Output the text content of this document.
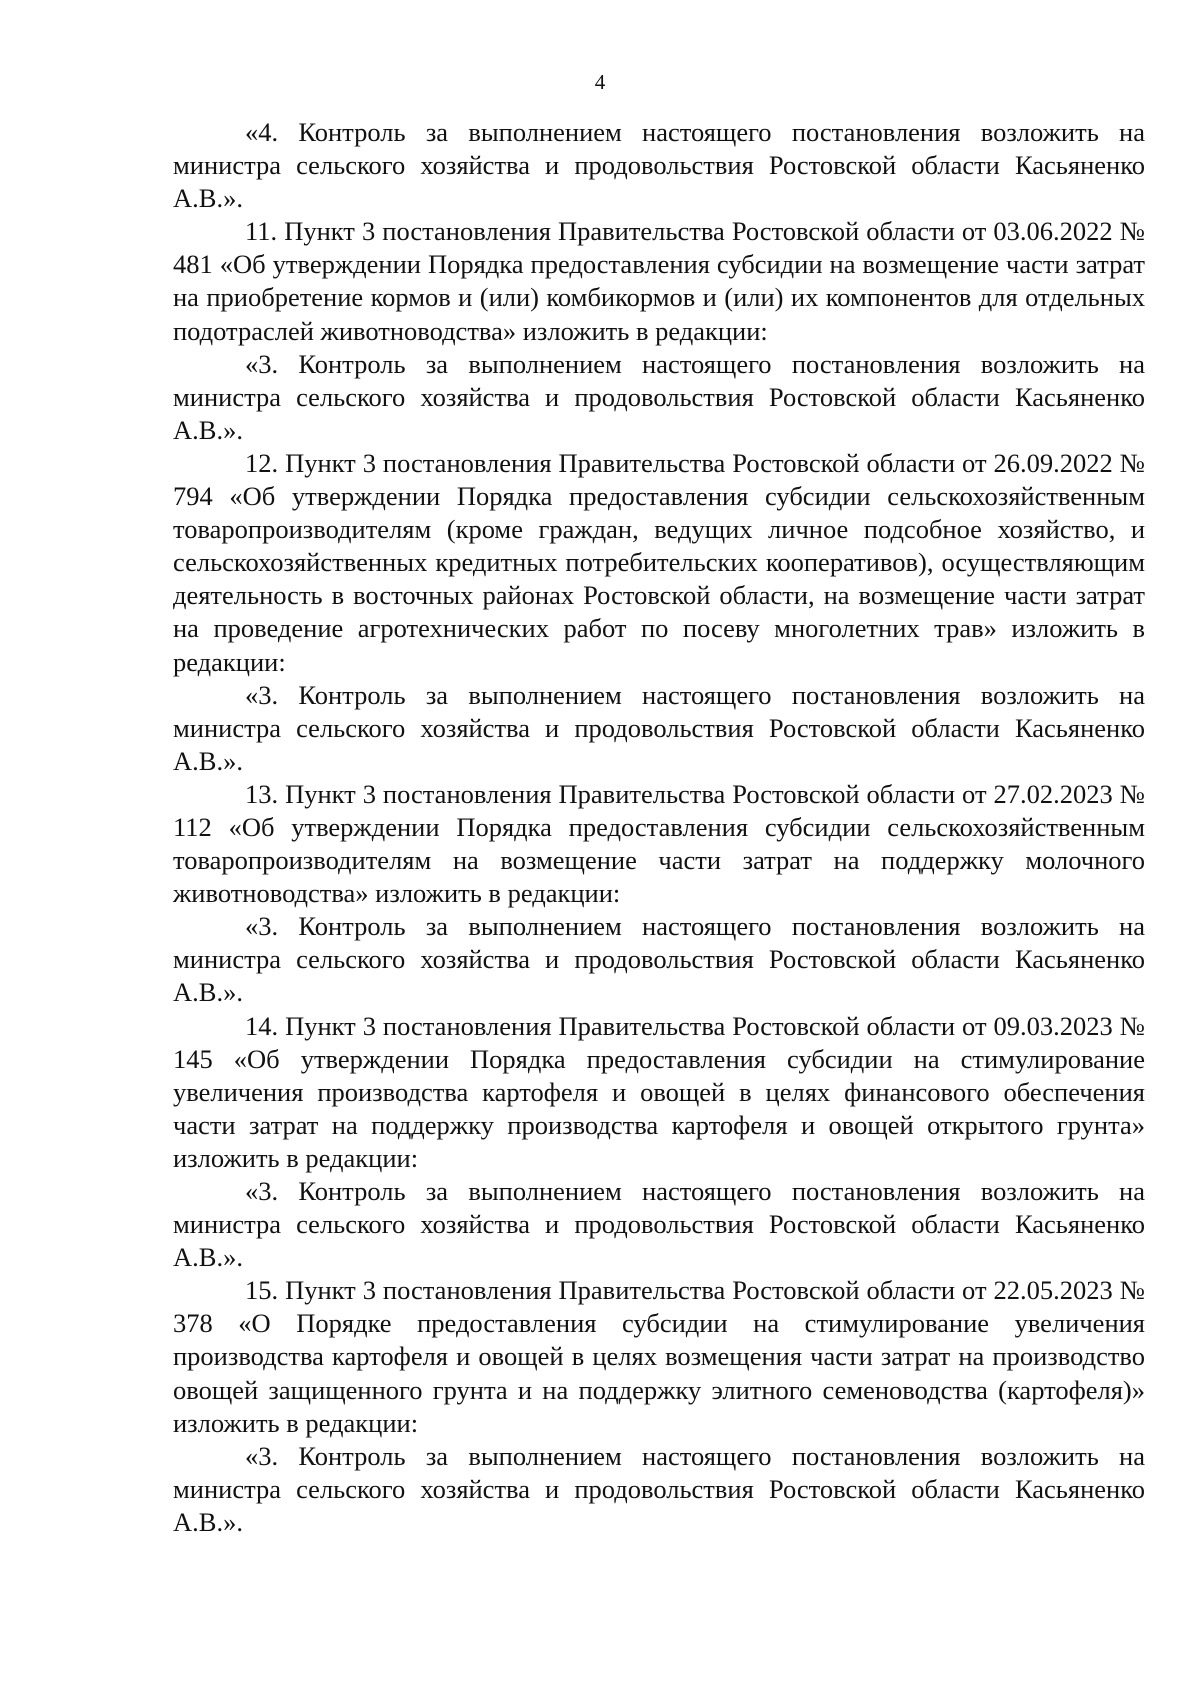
4

«4. Контроль за выполнением настоящего постановления возложить на министра сельского хозяйства и продовольствия Ростовской области Касьяненко А.В.».

11. Пункт 3 постановления Правительства Ростовской области от 03.06.2022 № 481 «Об утверждении Порядка предоставления субсидии на возмещение части затрат на приобретение кормов и (или) комбикормов и (или) их компонентов для отдельных подотраслей животноводства» изложить в редакции:

«3. Контроль за выполнением настоящего постановления возложить на министра сельского хозяйства и продовольствия Ростовской области Касьяненко А.В.».

12. Пункт 3 постановления Правительства Ростовской области от 26.09.2022 № 794 «Об утверждении Порядка предоставления субсидии сельскохозяйственным товаропроизводителям (кроме граждан, ведущих личное подсобное хозяйство, и сельскохозяйственных кредитных потребительских кооперативов), осуществляющим деятельность в восточных районах Ростовской области, на возмещение части затрат на проведение агротехнических работ по посеву многолетних трав» изложить в редакции:

«3. Контроль за выполнением настоящего постановления возложить на министра сельского хозяйства и продовольствия Ростовской области Касьяненко А.В.».

13. Пункт 3 постановления Правительства Ростовской области от 27.02.2023 № 112 «Об утверждении Порядка предоставления субсидии сельскохозяйственным товаропроизводителям на возмещение части затрат на поддержку молочного животноводства» изложить в редакции:

«3. Контроль за выполнением настоящего постановления возложить на министра сельского хозяйства и продовольствия Ростовской области Касьяненко А.В.».

14. Пункт 3 постановления Правительства Ростовской области от 09.03.2023 № 145 «Об утверждении Порядка предоставления субсидии на стимулирование увеличения производства картофеля и овощей в целях финансового обеспечения части затрат на поддержку производства картофеля и овощей открытого грунта» изложить в редакции:

«3. Контроль за выполнением настоящего постановления возложить на министра сельского хозяйства и продовольствия Ростовской области Касьяненко А.В.».

15. Пункт 3 постановления Правительства Ростовской области от 22.05.2023 № 378 «О Порядке предоставления субсидии на стимулирование увеличения производства картофеля и овощей в целях возмещения части затрат на производство овощей защищенного грунта и на поддержку элитного семеноводства (картофеля)» изложить в редакции:

«3. Контроль за выполнением настоящего постановления возложить на министра сельского хозяйства и продовольствия Ростовской области Касьяненко А.В.».
